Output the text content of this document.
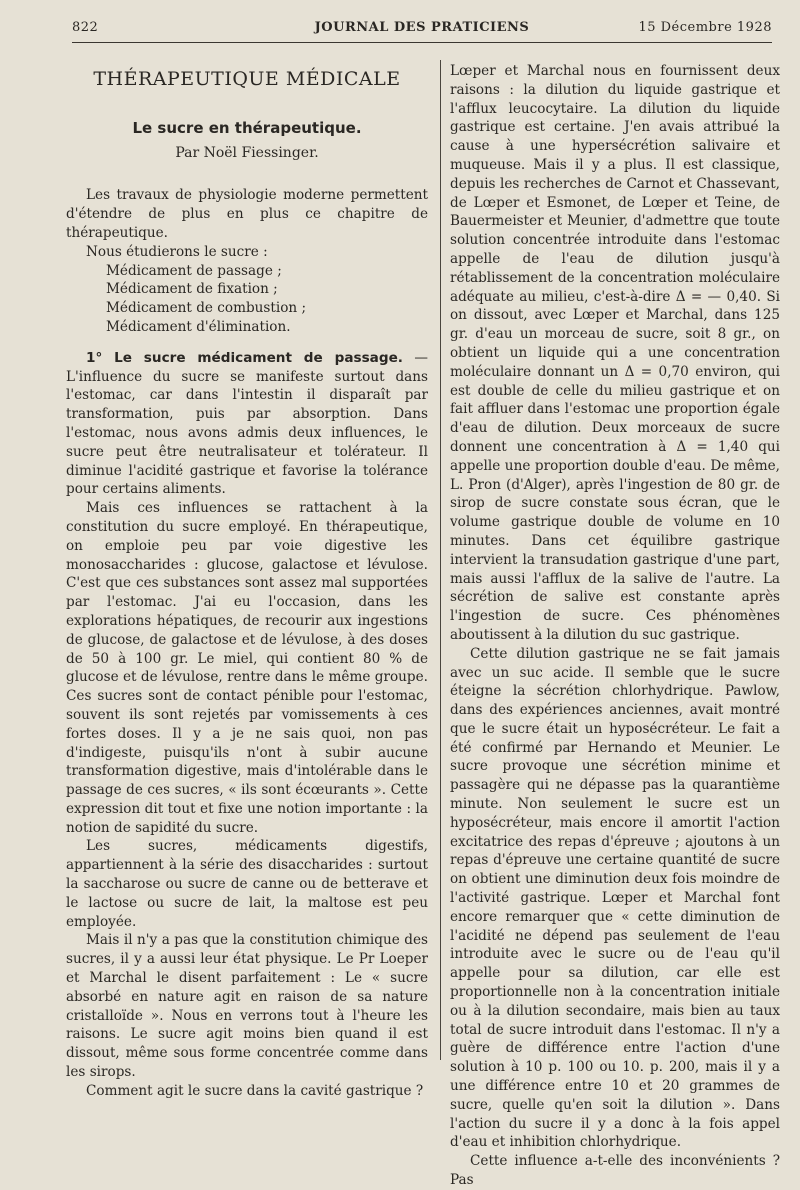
822	JOURNAL DES PRATICIENS	15 Décembre 1928
THÉRAPEUTIQUE MÉDICALE
Le sucre en thérapeutique.
Par Noël Fiessinger.

Les travaux de physiologie moderne permettent d'étendre de plus en plus ce chapitre de thérapeutique.

Nous étudierons le sucre :

Médicament de passage ;
Médicament de fixation ;
Médicament de combustion ;
Médicament d'élimination.

1° Le sucre médicament de passage. — L'influence du sucre se manifeste surtout dans l'estomac, car dans l'intestin il disparaît par transformation, puis par absorption. Dans l'estomac, nous avons admis deux influences, le sucre peut être neutralisateur et tolérateur. Il diminue l'acidité gastrique et favorise la tolérance pour certains aliments.

Mais ces influences se rattachent à la constitution du sucre employé. En thérapeutique, on emploie peu par voie digestive les monosaccharides : glucose, galactose et lévulose. C'est que ces substances sont assez mal supportées par l'estomac. J'ai eu l'occasion, dans les explorations hépatiques, de recourir aux ingestions de glucose, de galactose et de lévulose, à des doses de 50 à 100 gr. Le miel, qui contient 80 % de glucose et de lévulose, rentre dans le même groupe. Ces sucres sont de contact pénible pour l'estomac, souvent ils sont rejetés par vomissements à ces fortes doses. Il y a je ne sais quoi, non pas d'indigeste, puisqu'ils n'ont à subir aucune transformation digestive, mais d'intolérable dans le passage de ces sucres, « ils sont écœurants ». Cette expression dit tout et fixe une notion importante : la notion de sapidité du sucre.

Les sucres, médicaments digestifs, appartiennent à la série des disaccharides : surtout la saccharose ou sucre de canne ou de betterave et le lactose ou sucre de lait, la maltose est peu employée.

Mais il n'y a pas que la constitution chimique des sucres, il y a aussi leur état physique. Le Pr Loeper et Marchal le disent parfaitement : Le « sucre absorbé en nature agit en raison de sa nature cristalloïde ». Nous en verrons tout à l'heure les raisons. Le sucre agit moins bien quand il est dissout, même sous forme concentrée comme dans les sirops.

Comment agit le sucre dans la cavité gastrique ?

Lœper et Marchal nous en fournissent deux raisons : la dilution du liquide gastrique et l'afflux leucocytaire. La dilution du liquide gastrique est certaine. J'en avais attribué la cause à une hypersécrétion salivaire et muqueuse. Mais il y a plus. Il est classique, depuis les recherches de Carnot et Chassevant, de Lœper et Esmonet, de Lœper et Teine, de Bauermeister et Meunier, d'admettre que toute solution concentrée introduite dans l'estomac appelle de l'eau de dilution jusqu'à rétablissement de la concentration moléculaire adéquate au milieu, c'est-à-dire Δ = — 0,40. Si on dissout, avec Lœper et Marchal, dans 125 gr. d'eau un morceau de sucre, soit 8 gr., on obtient un liquide qui a une concentration moléculaire donnant un Δ = 0,70 environ, qui est double de celle du milieu gastrique et on fait affluer dans l'estomac une proportion égale d'eau de dilution. Deux morceaux de sucre donnent une concentration à Δ = 1,40 qui appelle une proportion double d'eau. De même, L. Pron (d'Alger), après l'ingestion de 80 gr. de sirop de sucre constate sous écran, que le volume gastrique double de volume en 10 minutes. Dans cet équilibre gastrique intervient la transudation gastrique d'une part, mais aussi l'afflux de la salive de l'autre. La sécrétion de salive est constante après l'ingestion de sucre. Ces phénomènes aboutissent à la dilution du suc gastrique.

Cette dilution gastrique ne se fait jamais avec un suc acide. Il semble que le sucre éteigne la sécrétion chlorhydrique. Pawlow, dans des expériences anciennes, avait montré que le sucre était un hyposécréteur. Le fait a été confirmé par Hernando et Meunier. Le sucre provoque une sécrétion minime et passagère qui ne dépasse pas la quarantième minute. Non seulement le sucre est un hyposécréteur, mais encore il amortit l'action excitatrice des repas d'épreuve ; ajoutons à un repas d'épreuve une certaine quantité de sucre on obtient une diminution deux fois moindre de l'activité gastrique. Lœper et Marchal font encore remarquer que « cette diminution de l'acidité ne dépend pas seulement de l'eau introduite avec le sucre ou de l'eau qu'il appelle pour sa dilution, car elle est proportionnelle non à la concentration initiale ou à la dilution secondaire, mais bien au taux total de sucre introduit dans l'estomac. Il n'y a guère de différence entre l'action d'une solution à 10 p. 100 ou 10. p. 200, mais il y a une différence entre 10 et 20 grammes de sucre, quelle qu'en soit la dilution ». Dans l'action du sucre il y a donc à la fois appel d'eau et inhibition chlorhydrique.

Cette influence a-t-elle des inconvénients ? Pas
